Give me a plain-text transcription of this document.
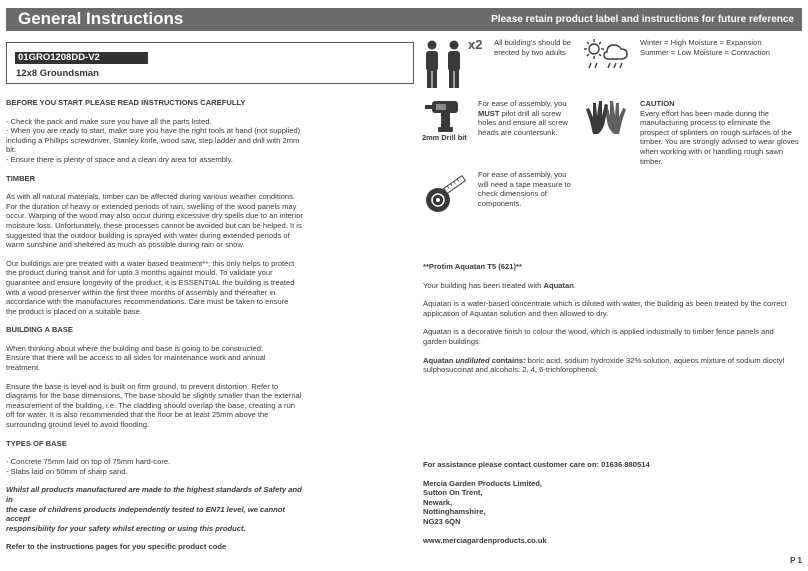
General Instructions	Please retain product label and instructions for future reference
01GRO1208DD-V2
12x8 Groundsman

BEFORE YOU START PLEASE READ INSTRUCTIONS CAREFULLY

- Check the pack and make sure you have all the parts listed.
- When you are ready to start, make sure you have the right tools at hand (not supplied)
including a Phillips screwdriver, Stanley knife, wood saw, step ladder and drill with 2mm
bit.
- Ensure there is plenty of space and a clean dry area for assembly.

TIMBER

As with all natural materials, timber can be affected during various weather conditions.
For the duration of heavy or extended periods of rain, swelling of the wood panels may
occur. Warping of the wood may also occur during excessive dry spells due to an interior
moisture loss. Unfortunately, these processes cannot be avoided but can be helped. It is
suggested that the outdoor building is sprayed with water during extended periods of
warm sunshine and sheltered as much as possible during rain or snow.

Our buildings are pre treated with a water based treatment**; this only helps to protect
the product during transit and for upto 3 months against mould. To validate your
guarantee and ensure longevity of the product, it is ESSENTIAL the building is treated
with a wood preserver within the first three months of assembly and thereafter in
accordance with the manufactures recommendations. Care must be taken to ensure
the product is placed on a suitable base.

BUILDING A BASE

When thinking about where the building and base is going to be constructed:
Ensure that there will be access to all sides for maintenance work and annual
treatment.

Ensure the base is level and is built on firm ground, to prevent distortion. Refer to
diagrams for the base dimensions, The base should be slightly smaller than the external
measurement of the building, i.e. The cladding should overlap the base, creating a run
off for water. It is also recommended that the floor be at least 25mm above the
surrounding ground level to avoid flooding.

TYPES OF BASE

- Concrete 75mm laid on top of 75mm hard-core.
- Slabs laid on 50mm of sharp sand.

Whilst all products manufactured are made to the highest standards of Safety and in
the case of childrens products independently tested to EN71 level, we cannot accept
responsibility for your safety whilst erecting or using this product.

Refer to the instructions pages for you specific product code

x2 All building's should be
erected by two adults
Winter = High Moisture = Expansion
Summer = Low Moisture = Contraction
2mm Drill bit
For ease of assembly, you
MUST pilot drill all screw
holes and ensure all screw
heads are countersunk.
CAUTION
Every effort has been made during the
manufacturing process to eliminate the
prospect of splinters on rough surfaces of the
timber. You are strongly advised to wear gloves
when working with or handling rough sawn
timber.
For ease of assembly, you
will need a tape measure to
check dimensions of
components.

**Protim Aquatan T5 (621)**

Your building has been treated with Aquatan.

Aquatan is a water-based concentrate which is diluted with water, the building as been treated by the correct
application of Aquatan solution and then allowed to dry.

Aquatan is a decorative finish to colour the wood, which is applied industrially to timber fence panels and
garden buildings.

Aquatan undiluted contains: boric acid, sodium hydroxide 32% solution, aqueos mixture of sodium dioctyl
sulphosuccinat and alcohols: 2, 4, 6-trichlorophenol.

For assistance please contact customer care on: 01636 880514

Mercia Garden Products Limited,
Sutton On Trent,
Newark,
Nottinghamshire,
NG23 6QN

www.merciagardenproducts.co.uk

P 1
